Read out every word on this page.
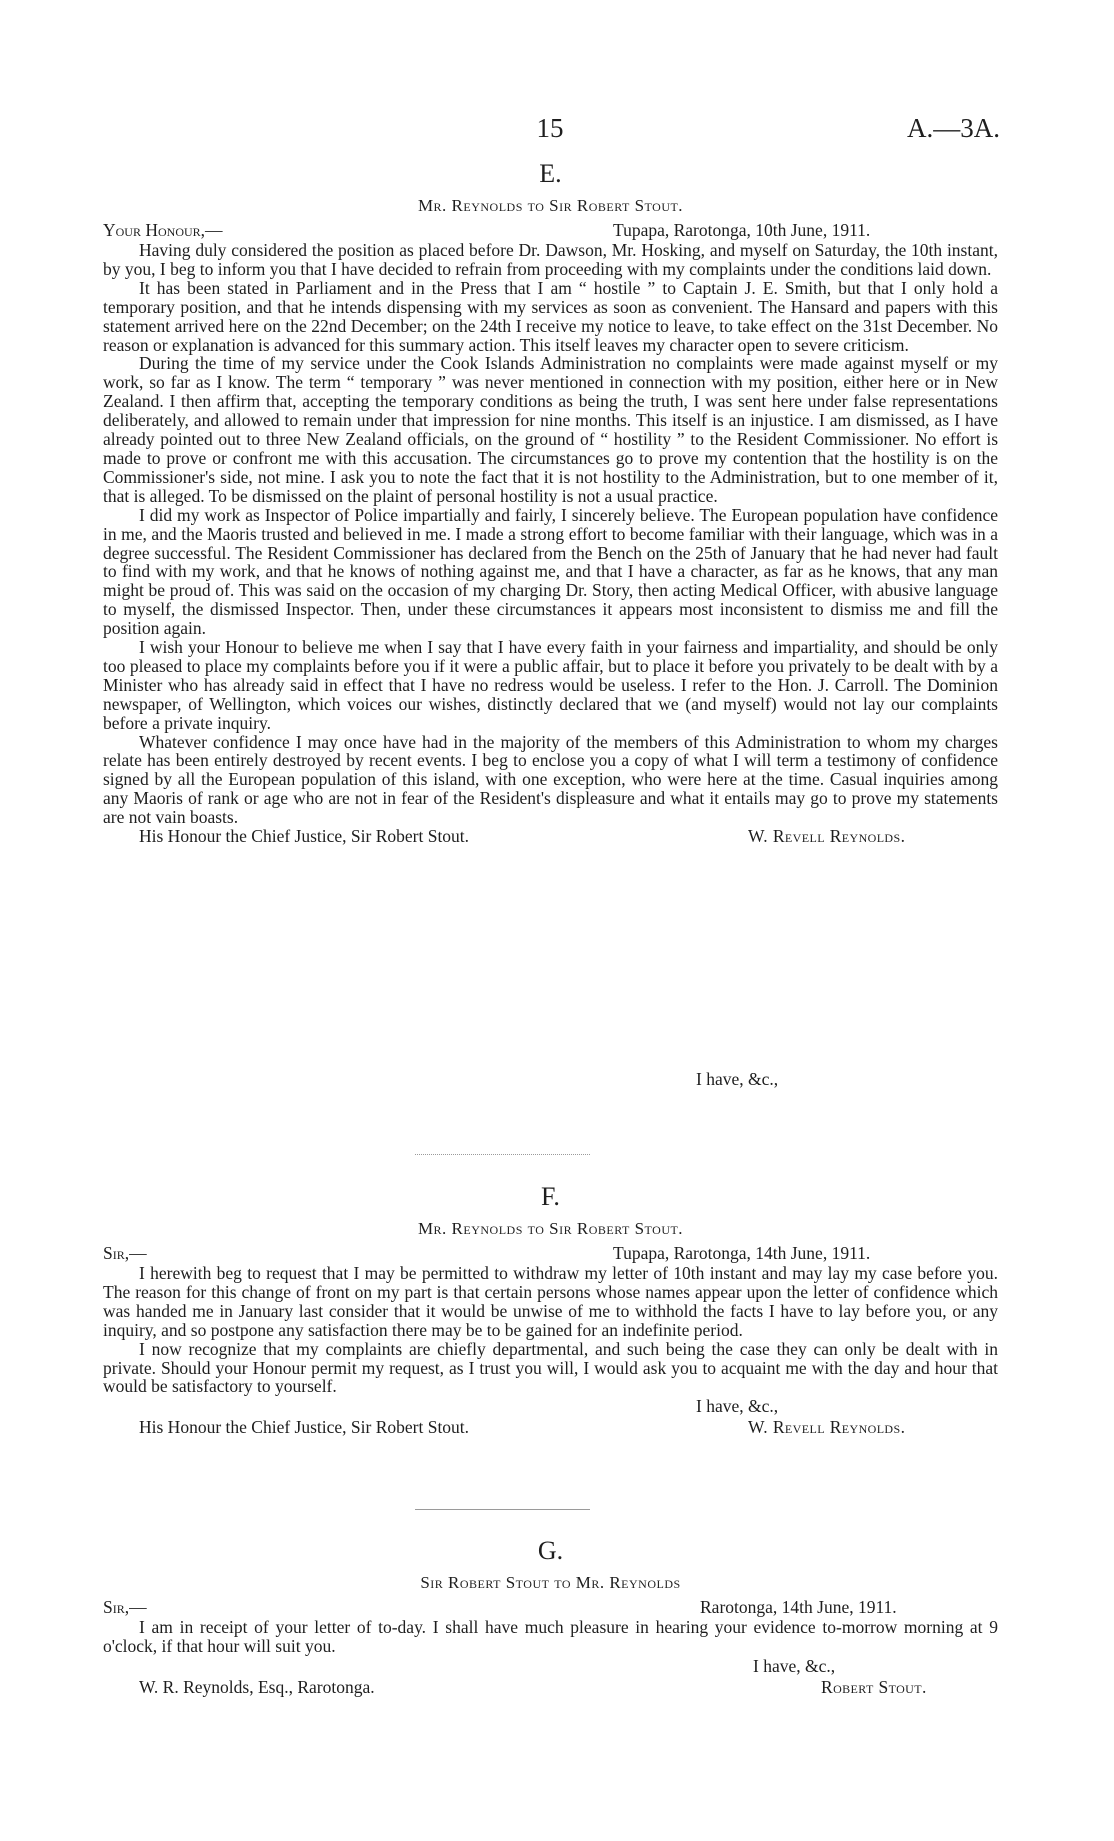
15	A.—3A.
E.
Mr. Reynolds to Sir Robert Stout.
Your Honour,—	Tupapa, Rarotonga, 10th June, 1911.

Having duly considered the position as placed before Dr. Dawson, Mr. Hosking, and myself on Saturday, the 10th instant, by you, I beg to inform you that I have decided to refrain from proceeding with my complaints under the conditions laid down.

It has been stated in Parliament and in the Press that I am “ hostile ” to Captain J. E. Smith, but that I only hold a temporary position, and that he intends dispensing with my services as soon as convenient. The Hansard and papers with this statement arrived here on the 22nd December; on the 24th I receive my notice to leave, to take effect on the 31st December. No reason or explanation is advanced for this summary action. This itself leaves my character open to severe criticism.

During the time of my service under the Cook Islands Administration no complaints were made against myself or my work, so far as I know. The term “ temporary ” was never mentioned in connection with my position, either here or in New Zealand. I then affirm that, accepting the temporary conditions as being the truth, I was sent here under false representations deliberately, and allowed to remain under that impression for nine months. This itself is an injustice. I am dismissed, as I have already pointed out to three New Zealand officials, on the ground of “ hostility ” to the Resident Commissioner. No effort is made to prove or confront me with this accusation. The circumstances go to prove my contention that the hostility is on the Commissioner's side, not mine. I ask you to note the fact that it is not hostility to the Administration, but to one member of it, that is alleged. To be dismissed on the plaint of personal hostility is not a usual practice.

I did my work as Inspector of Police impartially and fairly, I sincerely believe. The European population have confidence in me, and the Maoris trusted and believed in me. I made a strong effort to become familiar with their language, which was in a degree successful. The Resident Commissioner has declared from the Bench on the 25th of January that he had never had fault to find with my work, and that he knows of nothing against me, and that I have a character, as far as he knows, that any man might be proud of. This was said on the occasion of my charging Dr. Story, then acting Medical Officer, with abusive language to myself, the dismissed Inspector. Then, under these circumstances it appears most inconsistent to dismiss me and fill the position again.

I wish your Honour to believe me when I say that I have every faith in your fairness and impartiality, and should be only too pleased to place my complaints before you if it were a public affair, but to place it before you privately to be dealt with by a Minister who has already said in effect that I have no redress would be useless. I refer to the Hon. J. Carroll. The Dominion newspaper, of Wellington, which voices our wishes, distinctly declared that we (and myself) would not lay our complaints before a private inquiry.

Whatever confidence I may once have had in the majority of the members of this Administration to whom my charges relate has been entirely destroyed by recent events. I beg to enclose you a copy of what I will term a testimony of confidence signed by all the European population of this island, with one exception, who were here at the time. Casual inquiries among any Maoris of rank or age who are not in fear of the Resident's displeasure and what it entails may go to prove my statements are not vain boasts.

His Honour the Chief Justice, Sir Robert Stout.	W. Revell Reynolds.
I have, &c.,
F.
Mr. Reynolds to Sir Robert Stout.
Sir,—	Tupapa, Rarotonga, 14th June, 1911.

I herewith beg to request that I may be permitted to withdraw my letter of 10th instant and may lay my case before you. The reason for this change of front on my part is that certain persons whose names appear upon the letter of confidence which was handed me in January last consider that it would be unwise of me to withhold the facts I have to lay before you, or any inquiry, and so postpone any satisfaction there may be to be gained for an indefinite period.

I now recognize that my complaints are chiefly departmental, and such being the case they can only be dealt with in private. Should your Honour permit my request, as I trust you will, I would ask you to acquaint me with the day and hour that would be satisfactory to yourself.

I have, &c.,
His Honour the Chief Justice, Sir Robert Stout.	W. Revell Reynolds.
G.
Sir Robert Stout to Mr. Reynolds
Sir,—	Rarotonga, 14th June, 1911.

I am in receipt of your letter of to-day. I shall have much pleasure in hearing your evidence to-morrow morning at 9 o'clock, if that hour will suit you.

I have, &c.,
W. R. Reynolds, Esq., Rarotonga.	Robert Stout.
